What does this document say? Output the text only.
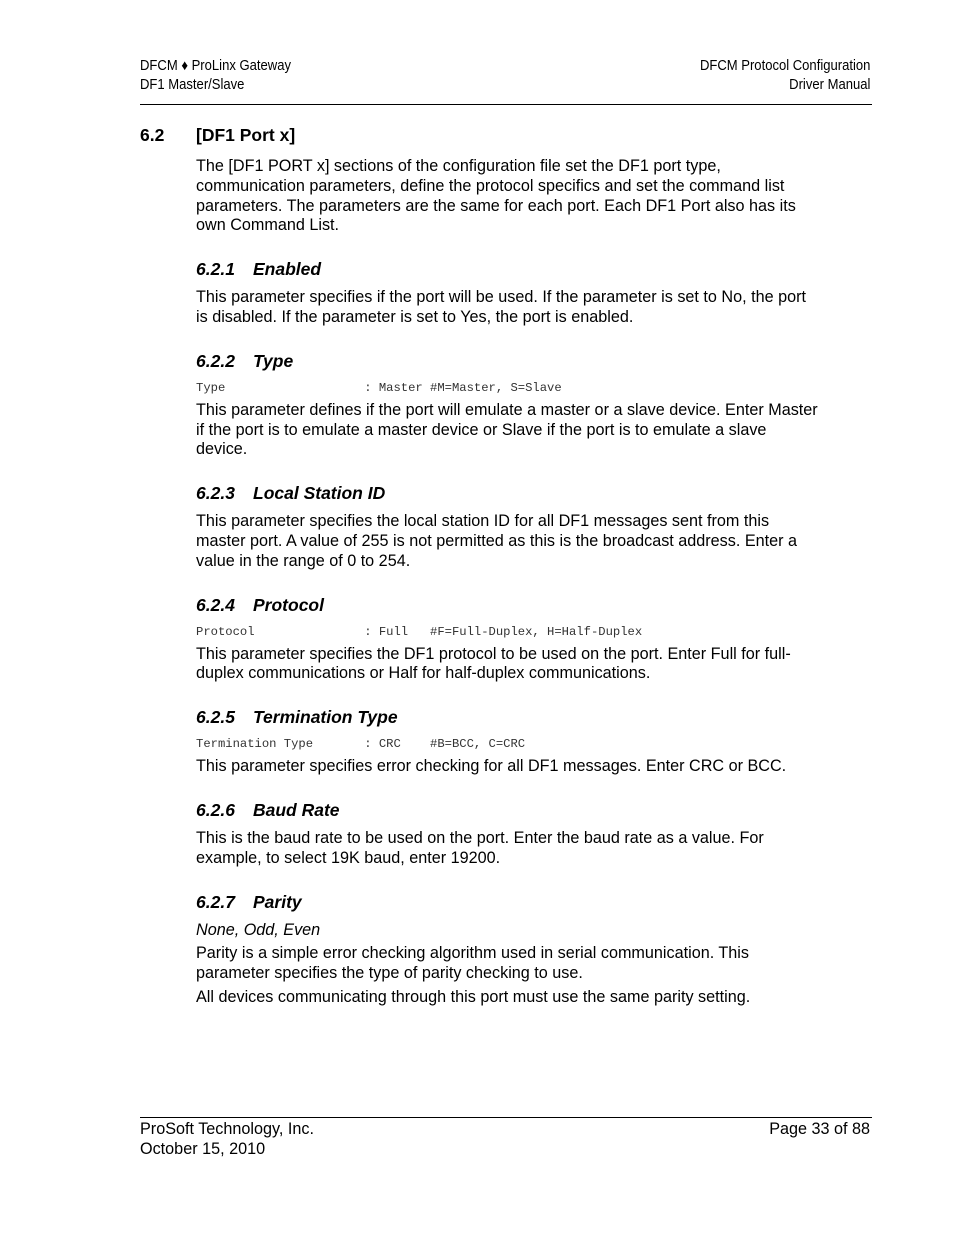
DFCM ♦ ProLinx Gateway
DF1 Master/Slave
DFCM Protocol Configuration
Driver Manual
6.2	[DF1 Port x]

The [DF1 PORT x] sections of the configuration file set the DF1 port type, communication parameters, define the protocol specifics and set the command list parameters. The parameters are the same for each port. Each DF1 Port also has its own Command List.

6.2.1	Enabled

This parameter specifies if the port will be used. If the parameter is set to No, the port is disabled. If the parameter is set to Yes, the port is enabled.

6.2.2	Type
Type                   : Master #M=Master, S=Slave

This parameter defines if the port will emulate a master or a slave device. Enter Master if the port is to emulate a master device or Slave if the port is to emulate a slave device.

6.2.3	Local Station ID

This parameter specifies the local station ID for all DF1 messages sent from this master port. A value of 255 is not permitted as this is the broadcast address. Enter a value in the range of 0 to 254.

6.2.4	Protocol
Protocol               : Full   #F=Full-Duplex, H=Half-Duplex

This parameter specifies the DF1 protocol to be used on the port. Enter Full for full-duplex communications or Half for half-duplex communications.

6.2.5	Termination Type
Termination Type       : CRC    #B=BCC, C=CRC

This parameter specifies error checking for all DF1 messages. Enter CRC or BCC.

6.2.6	Baud Rate

This is the baud rate to be used on the port. Enter the baud rate as a value. For example, to select 19K baud, enter 19200.

6.2.7	Parity

None, Odd, Even

Parity is a simple error checking algorithm used in serial communication. This parameter specifies the type of parity checking to use.

All devices communicating through this port must use the same parity setting.

ProSoft Technology, Inc.
October 15, 2010
Page 33 of 88
